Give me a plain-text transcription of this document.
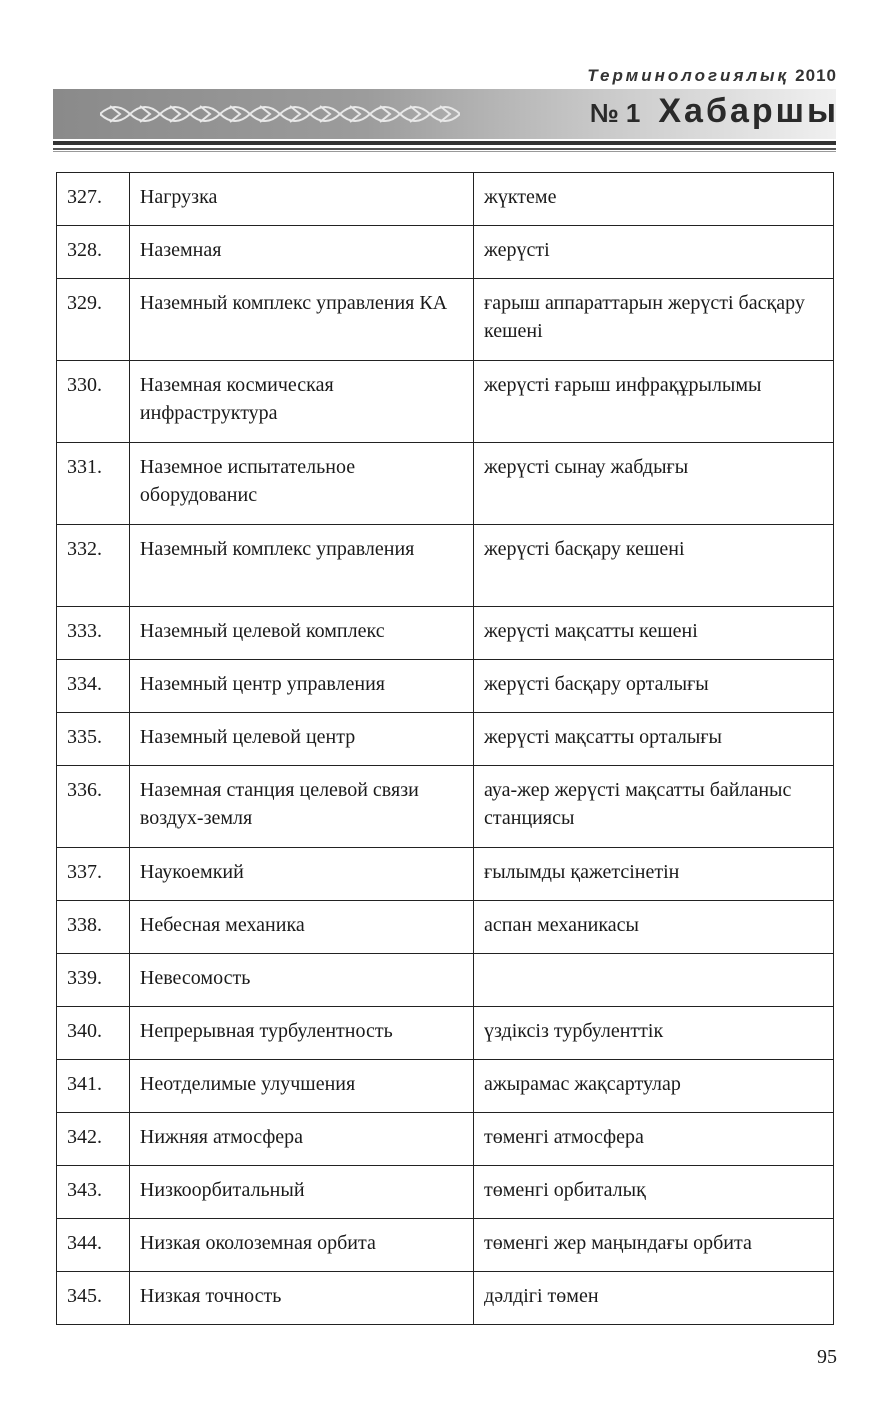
Терминологиялық 2010
№ 1 Хабаршы
327.	Нагрузка	жүктеме
328.	Наземная	жерүсті
329.	Наземный комплекс управления КА	ғарыш аппараттарын жерүсті басқару кешені
330.	Наземная космическая инфраструктура	жерүсті ғарыш инфрақұрылымы
331.	Наземное испытательное оборудованис	жерүсті сынау жабдығы
332.	Наземный комплекс управления	жерүсті басқару кешені
333.	Наземный целевой комплекс	жерүсті мақсатты кешені
334.	Наземный центр управления	жерүсті басқару орталығы
335.	Наземный целевой центр	жерүсті мақсатты орталығы
336.	Наземная станция целевой связи воздух-земля	ауа-жер жерүсті мақсатты байланыс станциясы
337.	Наукоемкий	ғылымды қажетсінетін
338.	Небесная механика	аспан механикасы
339.	Невесомость	
340.	Непрерывная турбулентность	үздіксіз турбуленттік
341.	Неотделимые улучшения	ажырамас жақсартулар
342.	Нижняя атмосфера	төменгі атмосфера
343.	Низкоорбитальный	төменгі орбиталық
344.	Низкая околоземная орбита	төменгі жер маңындағы орбита
345.	Низкая точность	дәлдігі төмен
95
